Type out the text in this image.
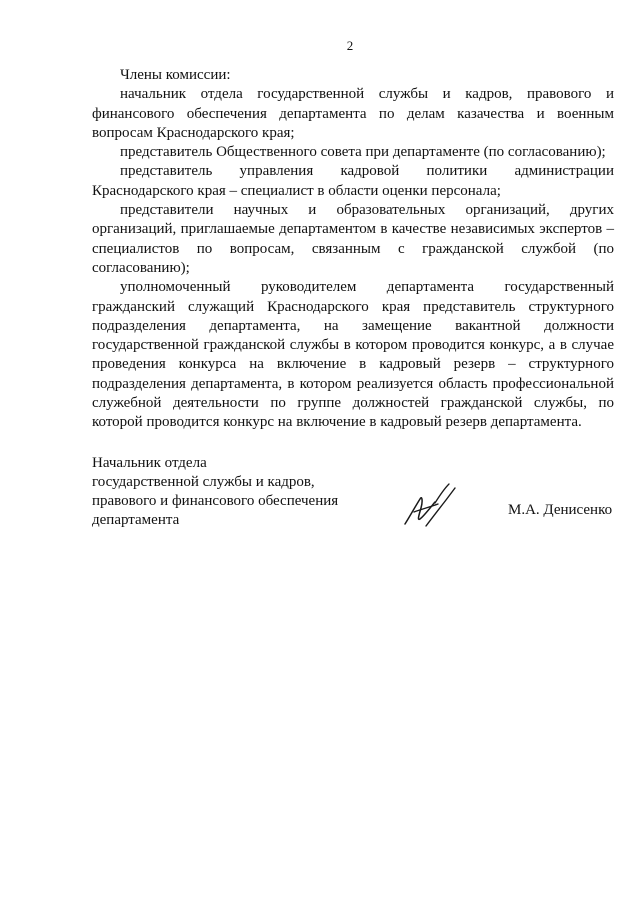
2

Члены комиссии:

начальник отдела государственной службы и кадров, правового и финансового обеспечения департамента по делам казачества и военным вопросам Краснодарского края;

представитель Общественного совета при департаменте (по согласованию);

представитель управления кадровой политики администрации Краснодарского края – специалист в области оценки персонала;

представители научных и образовательных организаций, других организаций, приглашаемые департаментом в качестве независимых экспертов – специалистов по вопросам, связанным с гражданской службой (по согласованию);

уполномоченный руководителем департамента государственный гражданский служащий Краснодарского края представитель структурного подразделения департамента, на замещение вакантной должности государственной гражданской службы в котором проводится конкурс, а в случае проведения конкурса на включение в кадровый резерв – структурного подразделения департамента, в котором реализуется область профессиональной служебной деятельности по группе должностей гражданской службы, по которой проводится конкурс на включение в кадровый резерв департамента.

Начальник отдела
государственной службы и кадров,
правового и финансового обеспечения
департамента
М.А. Денисенко
